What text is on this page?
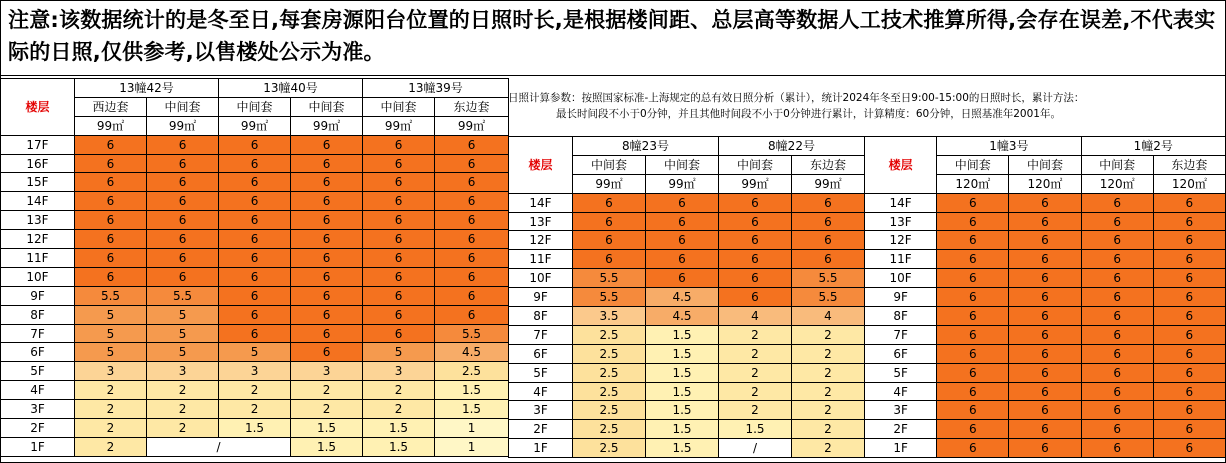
注意:该数据统计的是冬至日,每套房源阳台位置的日照时长,是根据楼间距、总层高等数据人工技术推算所得,会存在误差,不代表实际的日照,仅供参考,以售楼处公示为准。
日照计算参数：按照国家标准-上海规定的总有效日照分析（累计），统计2024年冬至日9:00-15:00的日照时长，累计方法：
最长时间段不小于0分钟，并且其他时间段不小于0分钟进行累计，计算精度：60分钟，日照基准年2001年。
楼层	13幢42号		13幢40号		13幢39号	
	西边套	中间套	中间套	中间套	中间套	东边套
	99㎡	99㎡	99㎡	99㎡	99㎡	99㎡
17F	6	6	6	6	6	6
16F	6	6	6	6	6	6
15F	6	6	6	6	6	6
14F	6	6	6	6	6	6
13F	6	6	6	6	6	6
12F	6	6	6	6	6	6
11F	6	6	6	6	6	6
10F	6	6	6	6	6	6
9F	5.5	5.5	6	6	6	6
8F	5	5	6	6	6	6
7F	5	5	6	6	6	5.5
6F	5	5	5	6	5	4.5
5F	3	3	3	3	3	2.5
4F	2	2	2	2	2	1.5
3F	2	2	2	2	2	1.5
2F	2	2	1.5	1.5	1.5	1
1F	2	/		1.5	1.5	1
楼层	8幢23号		8幢22号	
	中间套	中间套	中间套	东边套
	99㎡	99㎡	99㎡	99㎡
14F	6	6	6	6
13F	6	6	6	6
12F	6	6	6	6
11F	6	6	6	6
10F	5.5	6	6	5.5
9F	5.5	4.5	6	5.5
8F	3.5	4.5	4	4
7F	2.5	1.5	2	2
6F	2.5	1.5	2	2
5F	2.5	1.5	2	2
4F	2.5	1.5	2	2
3F	2.5	1.5	2	2
2F	2.5	1.5	1.5	2
1F	2.5	1.5	/	2
楼层	1幢3号		1幢2号	
	中间套	中间套	中间套	东边套
	120㎡	120㎡	120㎡	120㎡
14F	6	6	6	6
13F	6	6	6	6
12F	6	6	6	6
11F	6	6	6	6
10F	6	6	6	6
9F	6	6	6	6
8F	6	6	6	6
7F	6	6	6	6
6F	6	6	6	6
5F	6	6	6	6
4F	6	6	6	6
3F	6	6	6	6
2F	6	6	6	6
1F	6	6	6	6
